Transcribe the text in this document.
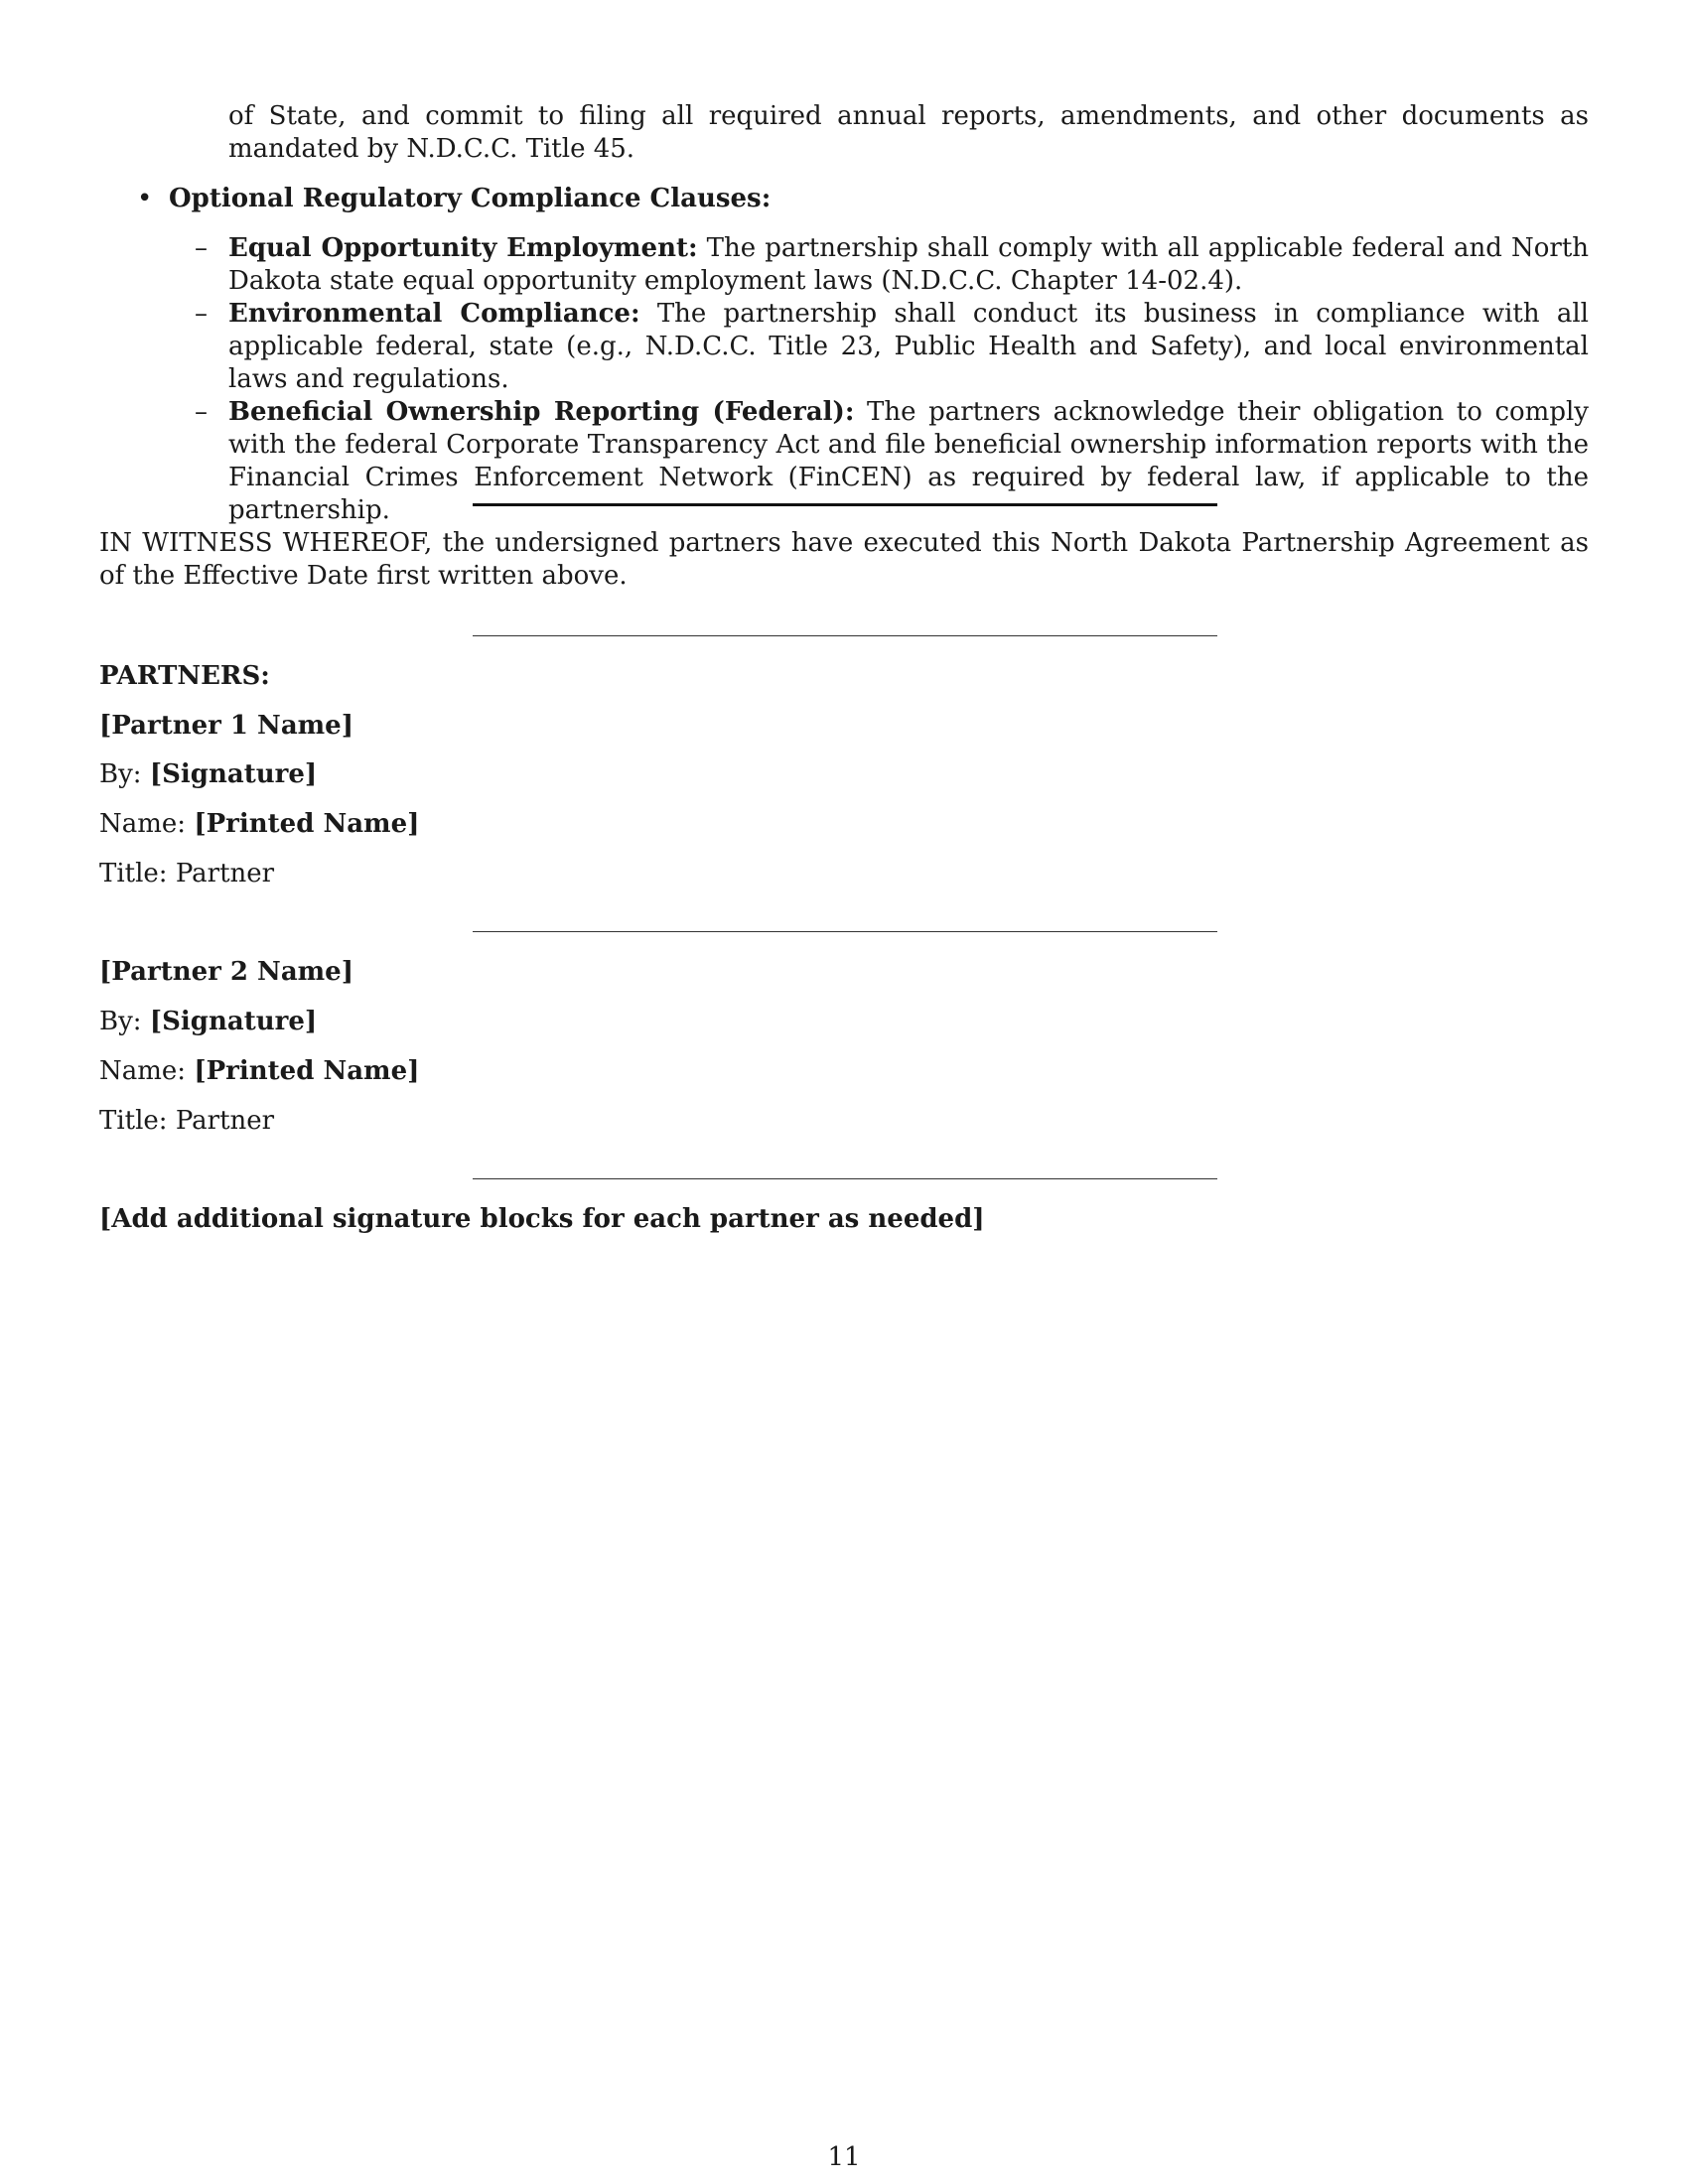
of State, and commit to filing all required annual reports, amendments, and other documents as mandated by N.D.C.C. Title 45.
• Optional Regulatory Compliance Clauses:
– Equal Opportunity Employment: The partnership shall comply with all applicable federal and North Dakota state equal opportunity employment laws (N.D.C.C. Chapter 14-02.4).
– Environmental Compliance: The partnership shall conduct its business in compliance with all applicable federal, state (e.g., N.D.C.C. Title 23, Public Health and Safety), and local environmental laws and regulations.
– Beneficial Ownership Reporting (Federal): The partners acknowledge their obligation to comply with the federal Corporate Transparency Act and file beneficial ownership information reports with the Financial Crimes Enforcement Network (FinCEN) as required by federal law, if applicable to the partnership.
IN WITNESS WHEREOF, the undersigned partners have executed this North Dakota Partnership Agreement as of the Effective Date first written above.
PARTNERS:
[Partner 1 Name]
By: [Signature]
Name: [Printed Name]
Title: Partner
[Partner 2 Name]
By: [Signature]
Name: [Printed Name]
Title: Partner
[Add additional signature blocks for each partner as needed]
11
